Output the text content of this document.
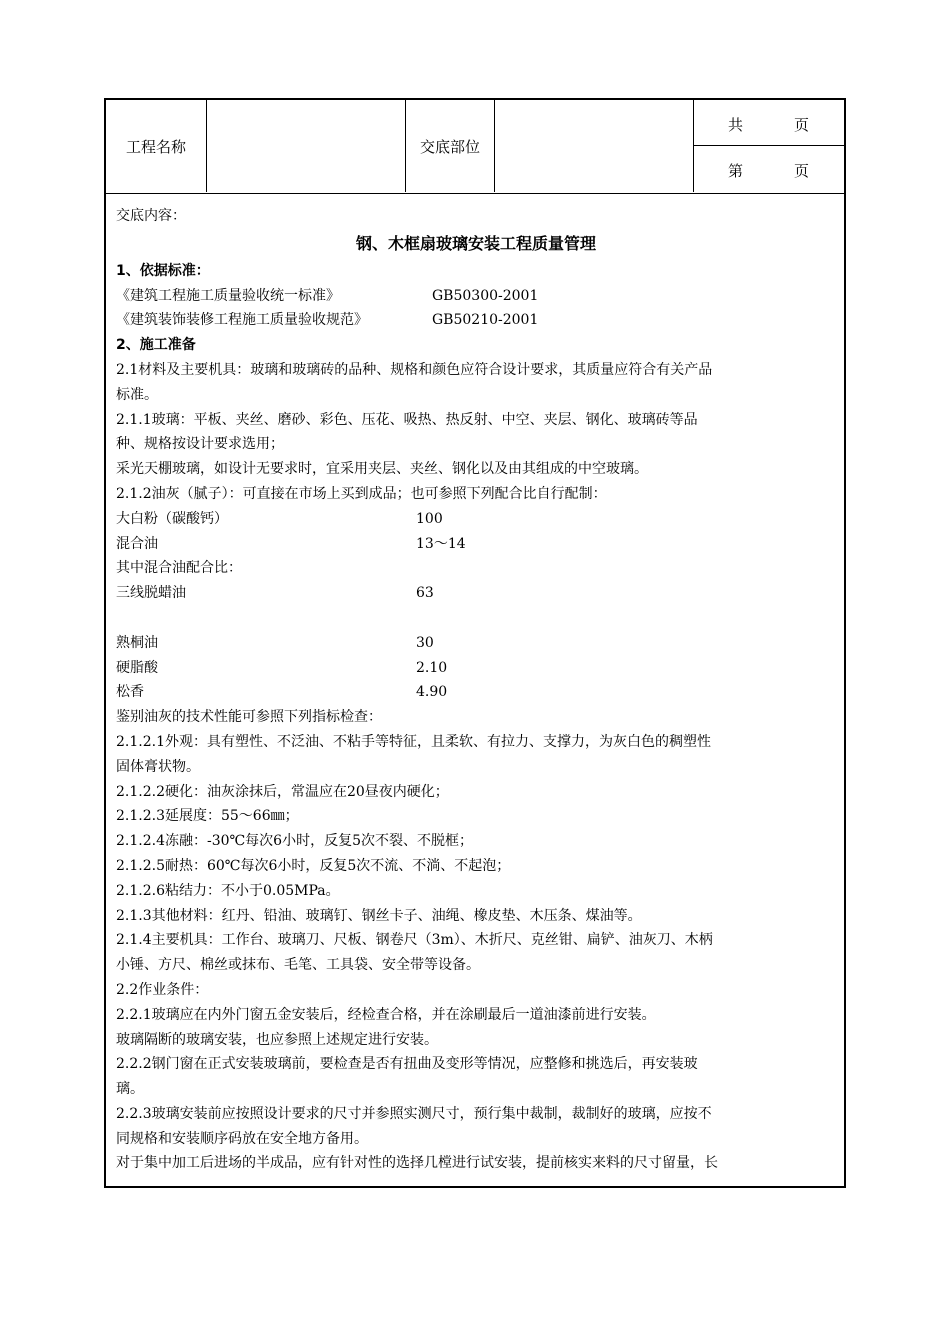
工程名称	交底部位
共	页
第	页
交底内容：
钢、木框扇玻璃安装工程质量管理
1、依据标准：
《建筑工程施工质量验收统一标准》	GB50300-2001
《建筑装饰装修工程施工质量验收规范》	GB50210-2001
2、施工准备
2.1材料及主要机具：玻璃和玻璃砖的品种、规格和颜色应符合设计要求，其质量应符合有关产品
标准。
2.1.1玻璃：平板、夹丝、磨砂、彩色、压花、吸热、热反射、中空、夹层、钢化、玻璃砖等品
种、规格按设计要求选用；
采光天棚玻璃，如设计无要求时，宜采用夹层、夹丝、钢化以及由其组成的中空玻璃。
2.1.2油灰（腻子）：可直接在市场上买到成品；也可参照下列配合比自行配制：
大白粉（碳酸钙）	100
混合油	13～14
其中混合油配合比：
三线脱蜡油	63
熟桐油	30
硬脂酸	2.10
松香	4.90
鉴别油灰的技术性能可参照下列指标检查：
2.1.2.1外观：具有塑性、不泛油、不粘手等特征，且柔软、有拉力、支撑力，为灰白色的稠塑性
固体膏状物。
2.1.2.2硬化：油灰涂抹后，常温应在20昼夜内硬化；
2.1.2.3延展度：55～66㎜；
2.1.2.4冻融：-30℃每次6小时，反复5次不裂、不脱框；
2.1.2.5耐热：60℃每次6小时，反复5次不流、不淌、不起泡；
2.1.2.6粘结力：不小于0.05MPa。
2.1.3其他材料：红丹、铅油、玻璃钉、钢丝卡子、油绳、橡皮垫、木压条、煤油等。
2.1.4主要机具：工作台、玻璃刀、尺板、钢卷尺（3m）、木折尺、克丝钳、扁铲、油灰刀、木柄
小锤、方尺、棉丝或抹布、毛笔、工具袋、安全带等设备。
2.2作业条件：
2.2.1玻璃应在内外门窗五金安装后，经检查合格，并在涂刷最后一道油漆前进行安装。
玻璃隔断的玻璃安装，也应参照上述规定进行安装。
2.2.2钢门窗在正式安装玻璃前，要检查是否有扭曲及变形等情况，应整修和挑选后，再安装玻
璃。
2.2.3玻璃安装前应按照设计要求的尺寸并参照实测尺寸，预行集中裁制，裁制好的玻璃，应按不
同规格和安装顺序码放在安全地方备用。
对于集中加工后进场的半成品，应有针对性的选择几樘进行试安装，提前核实来料的尺寸留量，长
